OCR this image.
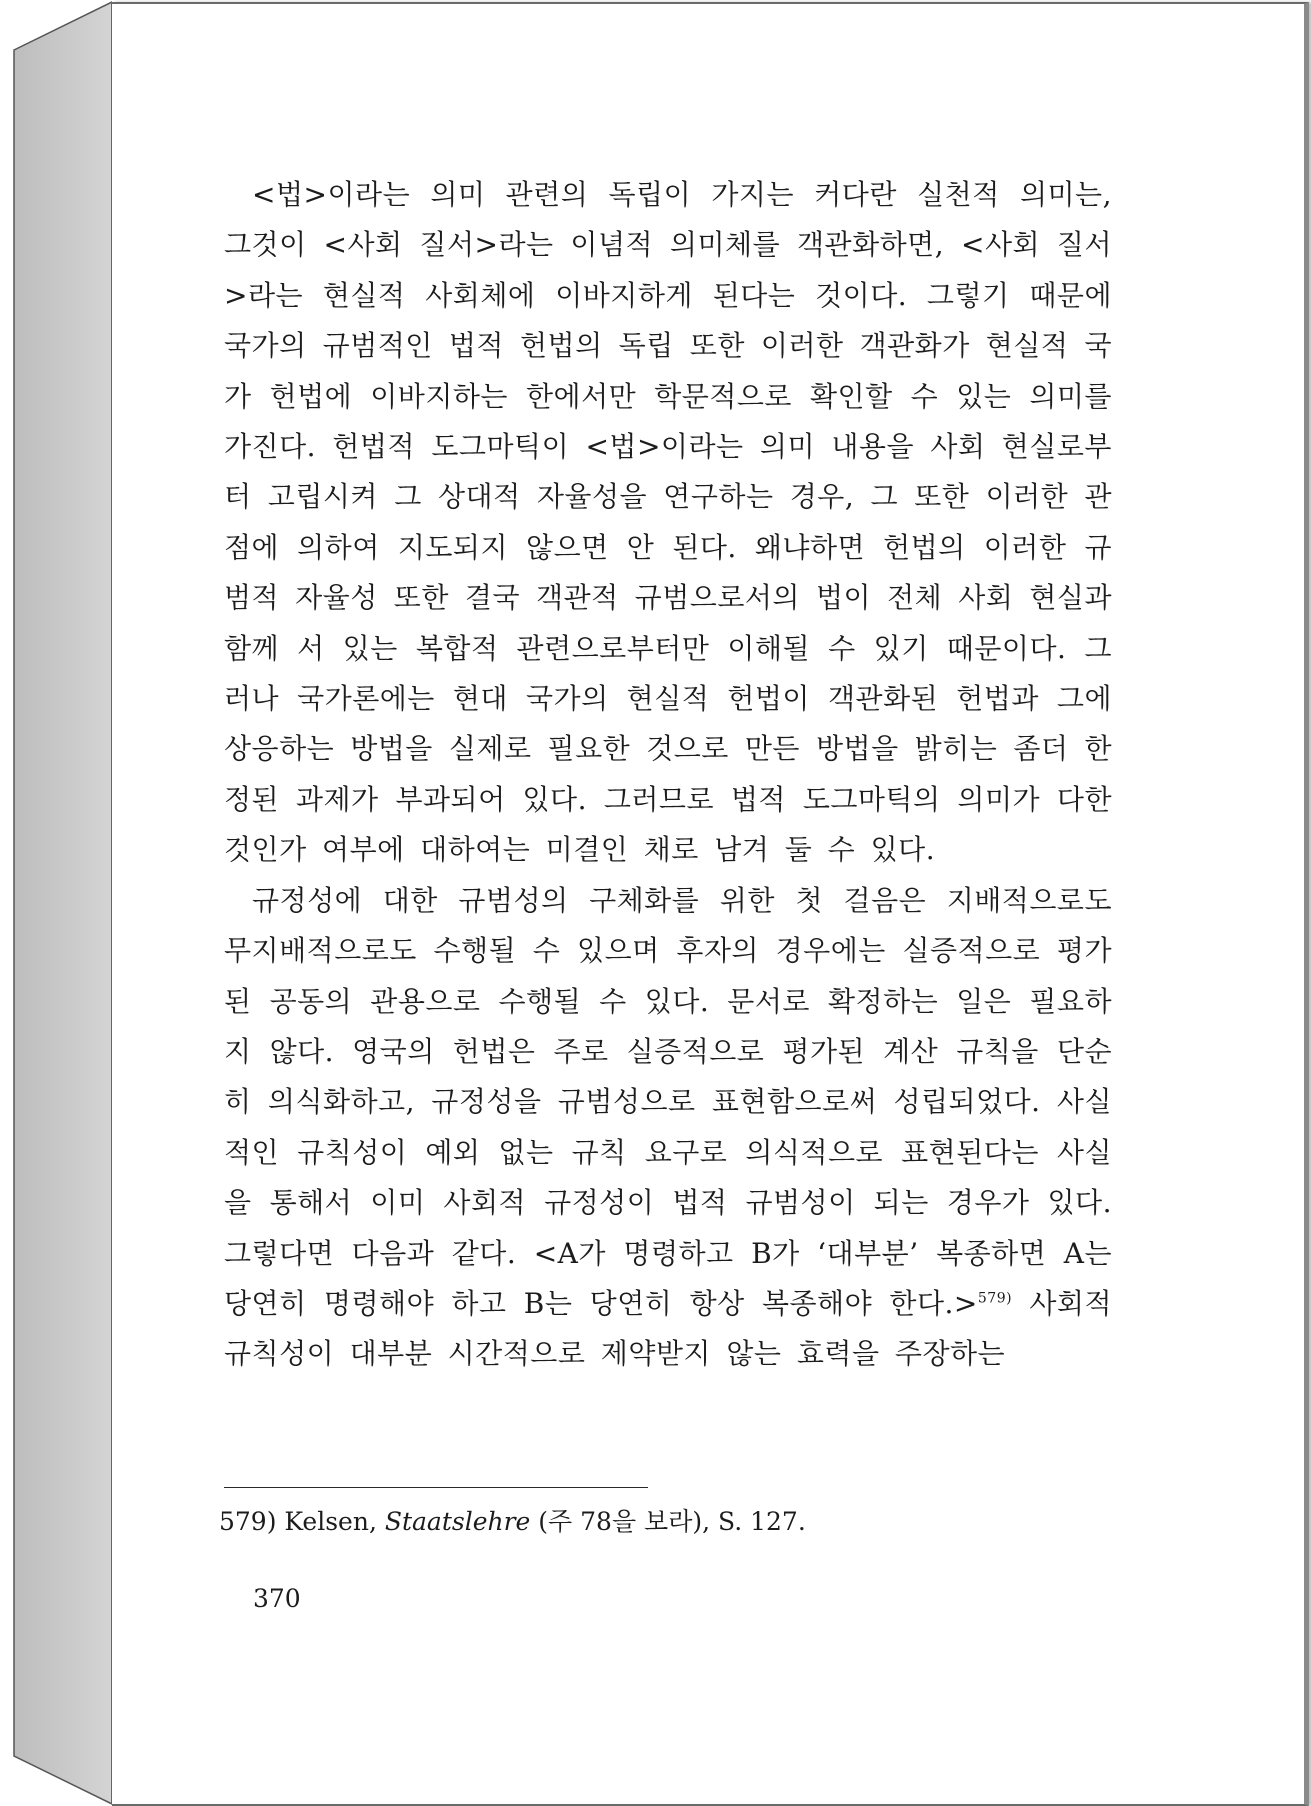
<법>이라는 의미 관련의 독립이 가지는 커다란 실천적 의미는, 그것이 <사회 질서>라는 이념적 의미체를 객관화하면, <사회 질서>라는 현실적 사회체에 이바지하게 된다는 것이다. 그렇기 때문에 국가의 규범적인 법적 헌법의 독립 또한 이러한 객관화가 현실적 국가 헌법에 이바지하는 한에서만 학문적으로 확인할 수 있는 의미를 가진다. 헌법적 도그마틱이 <법>이라는 의미 내용을 사회 현실로부터 고립시켜 그 상대적 자율성을 연구하는 경우, 그 또한 이러한 관점에 의하여 지도되지 않으면 안 된다. 왜냐하면 헌법의 이러한 규범적 자율성 또한 결국 객관적 규범으로서의 법이 전체 사회 현실과 함께 서 있는 복합적 관련으로부터만 이해될 수 있기 때문이다. 그러나 국가론에는 현대 국가의 현실적 헌법이 객관화된 헌법과 그에 상응하는 방법을 실제로 필요한 것으로 만든 방법을 밝히는 좀더 한정된 과제가 부과되어 있다. 그러므로 법적 도그마틱의 의미가 다한 것인가 여부에 대하여는 미결인 채로 남겨 둘 수 있다.

규정성에 대한 규범성의 구체화를 위한 첫 걸음은 지배적으로도 무지배적으로도 수행될 수 있으며 후자의 경우에는 실증적으로 평가된 공동의 관용으로 수행될 수 있다. 문서로 확정하는 일은 필요하지 않다. 영국의 헌법은 주로 실증적으로 평가된 계산 규칙을 단순히 의식화하고, 규정성을 규범성으로 표현함으로써 성립되었다. 사실적인 규칙성이 예외 없는 규칙 요구로 의식적으로 표현된다는 사실을 통해서 이미 사회적 규정성이 법적 규범성이 되는 경우가 있다. 그렇다면 다음과 같다. <A가 명령하고 B가 ‘대부분’ 복종하면 A는 당연히 명령해야 하고 B는 당연히 항상 복종해야 한다.>$^{579)}$ 사회적 규칙성이 대부분 시간적으로 제약받지 않는 효력을 주장하는

579) Kelsen, Staatslehre (주 78을 보라), S. 127.
370
